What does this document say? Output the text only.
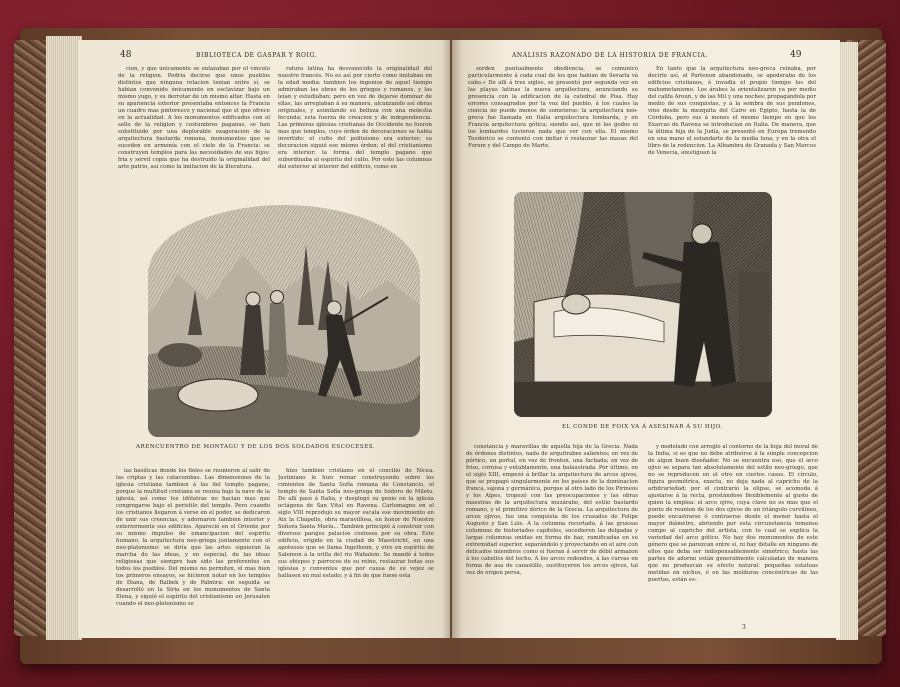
48	BIBLIOTECA DE GASPAR Y ROIG.

cion, y que únicamente se enlazaban por el vínculo de la religion. Podria decirse que unos pueblos distintos que ninguna relacion tenian entre sí, se habian convenido únicamente en esclavizar bajo un mismo yugo, y su derrotar de un mismo altar. Hasta en su apariencia exterior presentaba entonces la Francia un cuadro mas pintoresco y nacional que el que ofrece en la actualidad. A los monumentos edificados con el sello de la religion y costumbres paganas, se han substituido por una deplorable exageracion de la arquitectura bastarda romana, monumentos que se suceden en armonía con el cielo de la Francia: se construyen templos para las necesidades de sus hijos: fria y servil copia que ha destruido la originalidad del arte patrio, así como la imitacion de la literatura.

ratura latina ha desvanecido la originalidad del nuestro francés. No es así por cierto como imitaban en la edad media: tambien los ingenios de aquel tiempo admiraban las obras de los griegos y romanos, y las leían y estudiaban; pero en vez de dejarse dominar de ellas, las arreglaban á su manera, alcanzando así obras originales, y asimilando su belleza con una molestia fecunda; esta fuerza de creacion y de independencia. Las primeras iglesias cristianas de Occidente no fueron mas que templos, cuyo órden de decoraciones se habia invertido: el culto del politeísmo era exterior; su decoracion siguió ese mismo órden; el del cristianismo era interior; la forma del templo pagano que subordinaba al espíritu del culto. Por esto las columnas del exterior al interior del edificio, como en

ARENCUENTRO DE MONTAGU Y DE LOS DOS SOLDADOS ESCOCESES.

las basílicas donde los fieles se reunieron al salir de las criptas y las catacumbas. Las dimensiones de la iglesia cristiana tambien á las del templo pagano, porque la multitud cristiana se reunia bajo la nave de la iglesia, así como los idólatras no hacian mas que congregarse bajo el peristilo del templo. Pero cuando los cristianos llegaron á verse en el poder, se dedicaron de unir sus creencias, y adornaron tambien interior y exteriormente sus edificios. Apareció en el Oriente por su mismo impulso de emancipacion del espíritu humano, la arquitectura neo-griega juntamente con el neo-platonismo: se diría que las artes siguieran la marcha de las ideas, y en especial, de las ideas religiosas que siempre han sido las preferentes en todos los pueblos. Del mismo no permiten, el mas bien los primeros ensayos, se hicieron notar en los templos de Diana, de Balbek y de Palmira: en seguida se desarrolló en la Siria en los monumentos de Santa Elena, y siguió el espíritu del cristianismo en Jerusalen cuando el neo-platonismo se

hizo también cristiano en el concilio de Nicea. Justiniano le hizo reinar construyendo sobre los cimientos de Santa Sofía romana de Constancio, el templo de Santa Sofía neo-griega de Isidoro de Mileto. De allí pasó á Italia, y desplegó su genio en la iglesia octágona de San Vital en Ravena. Carlomagno en el siglo VIII reprodujo su mayor escala ese movimiento en Aix la Chapelle, obra maravillosa, en honor de Nuestra Señora Santa María... Tambien principió á construir con diversos parajes palacios costosos por su obra. Este edificio, erigido en la ciudad de Maestricht, en una apoteosis que se llama Ingelheim, y otro en espíritu de Salomon á la orilla del rio Wahalem. Se mandó á todos sus obispos y párrocos de su reino, restaurar todas sus iglesias y conventos que por causa de su vejez se hallasen en mal estado; y á fin de que fuese esta

ANÁLISIS RAZONADO DE LA HISTORIA DE FRANCIA.	49

sórden puntualmente obediencia, se comunicó particularmente á cada cual de los que habian de llevarla vá cabo.» De allí á tres siglos, se presentó por segunda vez en las playas latinas la nueva arquitectura, anunciando su presencia con la edificacion de la catedral de Pisa. Hay errores consagrados por la voz del pueblo, á los cuales la ciencia no puede menos de someterse: la arquitectura neo-greca fue llamada en Italia arquitectura lombarda, y en Francia arquitectura gótica; siendo así, que ni los godos ni los lombardos tuvieron nada que ver con ella. El mismo Teodorico se contentó con imitar ó restaurar las masas del Forum y del Campo de Marte.

En tanto que la arquitectura neo-greca reinaba, por decirlo así, el Partenon abandonado, se apoderaba de los edificios cristianos, é invadia el propio tiempo los del mahometanismo. Los árabes la orientalizaron ya por medio del califa Aroun, y de las Mil y una noches: propagándola por medio de sus conquistas, y á la sombra de sus pendones, vino desde la mezquita del Cairo en Egipto, hasta la de Córdoba, pero sus á menos el mismo tiempo en que los Exarcas de Ravena se introducian en Italia. De manera, que la última hija de la Judía, se presentó en Europa tremendo en una mano el estandarte de la media luna, y en la otra el libro de la redencion. La Alhambra de Granada y San Marcos de Venecia, atestiguan la

EL CONDE DE FOIX VA Á ASESINAR Á SU HIJO.

constancia y maravillas de aquella hija de la Grecia. Nada de órdenes distintos, nada de arquitrabes salientes; en vez de pórtico, un portal, en vez de fronton, una fachada; en vez de friso, cornisa y entablamento, una balaustrada. Por último, en el siglo XIII, empezó á brillar la arquitectura de arcos ojivos, que se propagó singularmente en los países de la dominacion franca, sajona y germánica, porque al otro lado de los Pirineos y los Alpes, tropezó con las preocupaciones y las obras maestras de la arquitectura muzárabe, del estilo bastardo romano, y el primitivo dórico de la Grecia. La arquitectura de arcos ojivos, fue una conquista de los cruzados de Felipe Augusto y San Luis. A la columna recortada, á las gruesas columnas de historiados capiteles, sucedieron las delgadas y largas columnas unidas en forma de haz, ramificadas en su extremidad superior, separándolo y proyectando en el aire con delicados miembros como si fueran á servir de débil armazon á los cabellos del techo. A los arcos redondos, á las curvas en forma de asa de canastillo, sustituyeron los arcos ojivos, tal vez de origen persa,

y modelado con arreglo al contorno de la hoja del moral de la India, si es que no debe atribuirse á la simple concepcion de algun buen diseñador. No se encuentra eso, que el arco ojivo se separa tan absolutamente del estilo neo-griego, que no se reproducen en el otro en ciertos casos. El círculo, figura geométrica, exacta, no deja nada al capricho de la arbitrariedad; por el contrario la elipse, se acomoda á ajustarse á la recta, prestándose flexiblemente al gusto de quien la emplea: el arco ojivo, cuya clave no es mas que el punto de reunion de los dos ojivos de un triángulo curvilíneo, puede encastrarse ó contraerse desde el menor hasta el mayor diámetro, abriendo por esta circunstancia inmenso campo al capricho del artista, con lo cual se explica la variedad del arco gótico. No hay dos monumentos de este género que se parezcan entre sí, ni hay detalle en ninguno de ellos que deba ser indispensablemente simétrico; hasta las partes de adorno están generalmente calculadas de manera que no produzcan su efecto natural: pequeñas estatuas metidas en nichos, ó en las molduras concéntricas de las puertas, están es-

3
